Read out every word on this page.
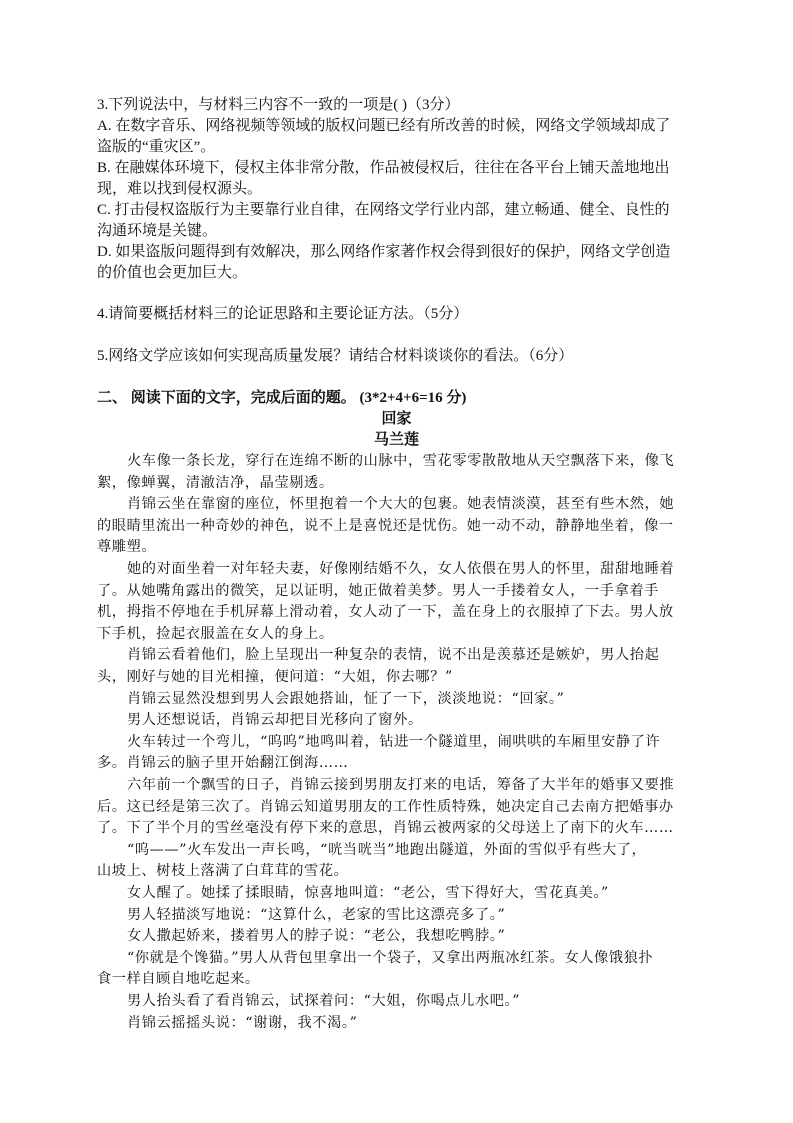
3.下列说法中，与材料三内容不一致的一项是( )（3分）
A. 在数字音乐、网络视频等领域的版权问题已经有所改善的时候，网络文学领域却成了
盗版的“重灾区”。
B. 在融媒体环境下，侵权主体非常分散，作品被侵权后，往往在各平台上铺天盖地地出
现，难以找到侵权源头。
C. 打击侵权盗版行为主要靠行业自律，在网络文学行业内部，建立畅通、健全、良性的
沟通环境是关键。
D. 如果盗版问题得到有效解决，那么网络作家著作权会得到很好的保护，网络文学创造
的价值也会更加巨大。
4.请简要概括材料三的论证思路和主要论证方法。（5分）
5.网络文学应该如何实现高质量发展？请结合材料谈谈你的看法。（6分）
二、 阅读下面的文字，完成后面的题。 (3*2+4+6=16 分)
回家
马兰莲
火车像一条长龙，穿行在连绵不断的山脉中，雪花零零散散地从天空飘落下来，像飞
絮，像蝉翼，清澈洁净，晶莹剔透。
肖锦云坐在靠窗的座位，怀里抱着一个大大的包裹。她表情淡漠，甚至有些木然，她
的眼睛里流出一种奇妙的神色，说不上是喜悦还是忧伤。她一动不动，静静地坐着，像一
尊雕塑。
她的对面坐着一对年轻夫妻，好像刚结婚不久，女人依偎在男人的怀里，甜甜地睡着
了。从她嘴角露出的微笑，足以证明，她正做着美梦。男人一手搂着女人，一手拿着手
机，拇指不停地在手机屏幕上滑动着，女人动了一下，盖在身上的衣服掉了下去。男人放
下手机，捡起衣服盖在女人的身上。
肖锦云看着他们，脸上呈现出一种复杂的表情，说不出是羡慕还是嫉妒，男人抬起
头，刚好与她的目光相撞，便问道：“大姐，你去哪？”
肖锦云显然没想到男人会跟她搭讪，怔了一下，淡淡地说：“回家。”
男人还想说话，肖锦云却把目光移向了窗外。
火车转过一个弯儿，“呜呜”地鸣叫着，钻进一个隧道里，闹哄哄的车厢里安静了许
多。肖锦云的脑子里开始翻江倒海……
六年前一个飘雪的日子，肖锦云接到男朋友打来的电话，筹备了大半年的婚事又要推
后。这已经是第三次了。肖锦云知道男朋友的工作性质特殊，她决定自己去南方把婚事办
了。下了半个月的雪丝毫没有停下来的意思，肖锦云被两家的父母送上了南下的火车……
“呜——”火车发出一声长鸣，“咣当咣当”地跑出隧道，外面的雪似乎有些大了，
山坡上、树枝上落满了白茸茸的雪花。
女人醒了。她揉了揉眼睛，惊喜地叫道：“老公，雪下得好大，雪花真美。”
男人轻描淡写地说：“这算什么，老家的雪比这漂亮多了。”
女人撒起娇来，搂着男人的脖子说：“老公，我想吃鸭脖。”
“你就是个馋猫。”男人从背包里拿出一个袋子，又拿出两瓶冰红茶。女人像饿狼扑
食一样自顾自地吃起来。
男人抬头看了看肖锦云，试探着问：“大姐，你喝点儿水吧。”
肖锦云摇摇头说：“谢谢，我不渴。”
